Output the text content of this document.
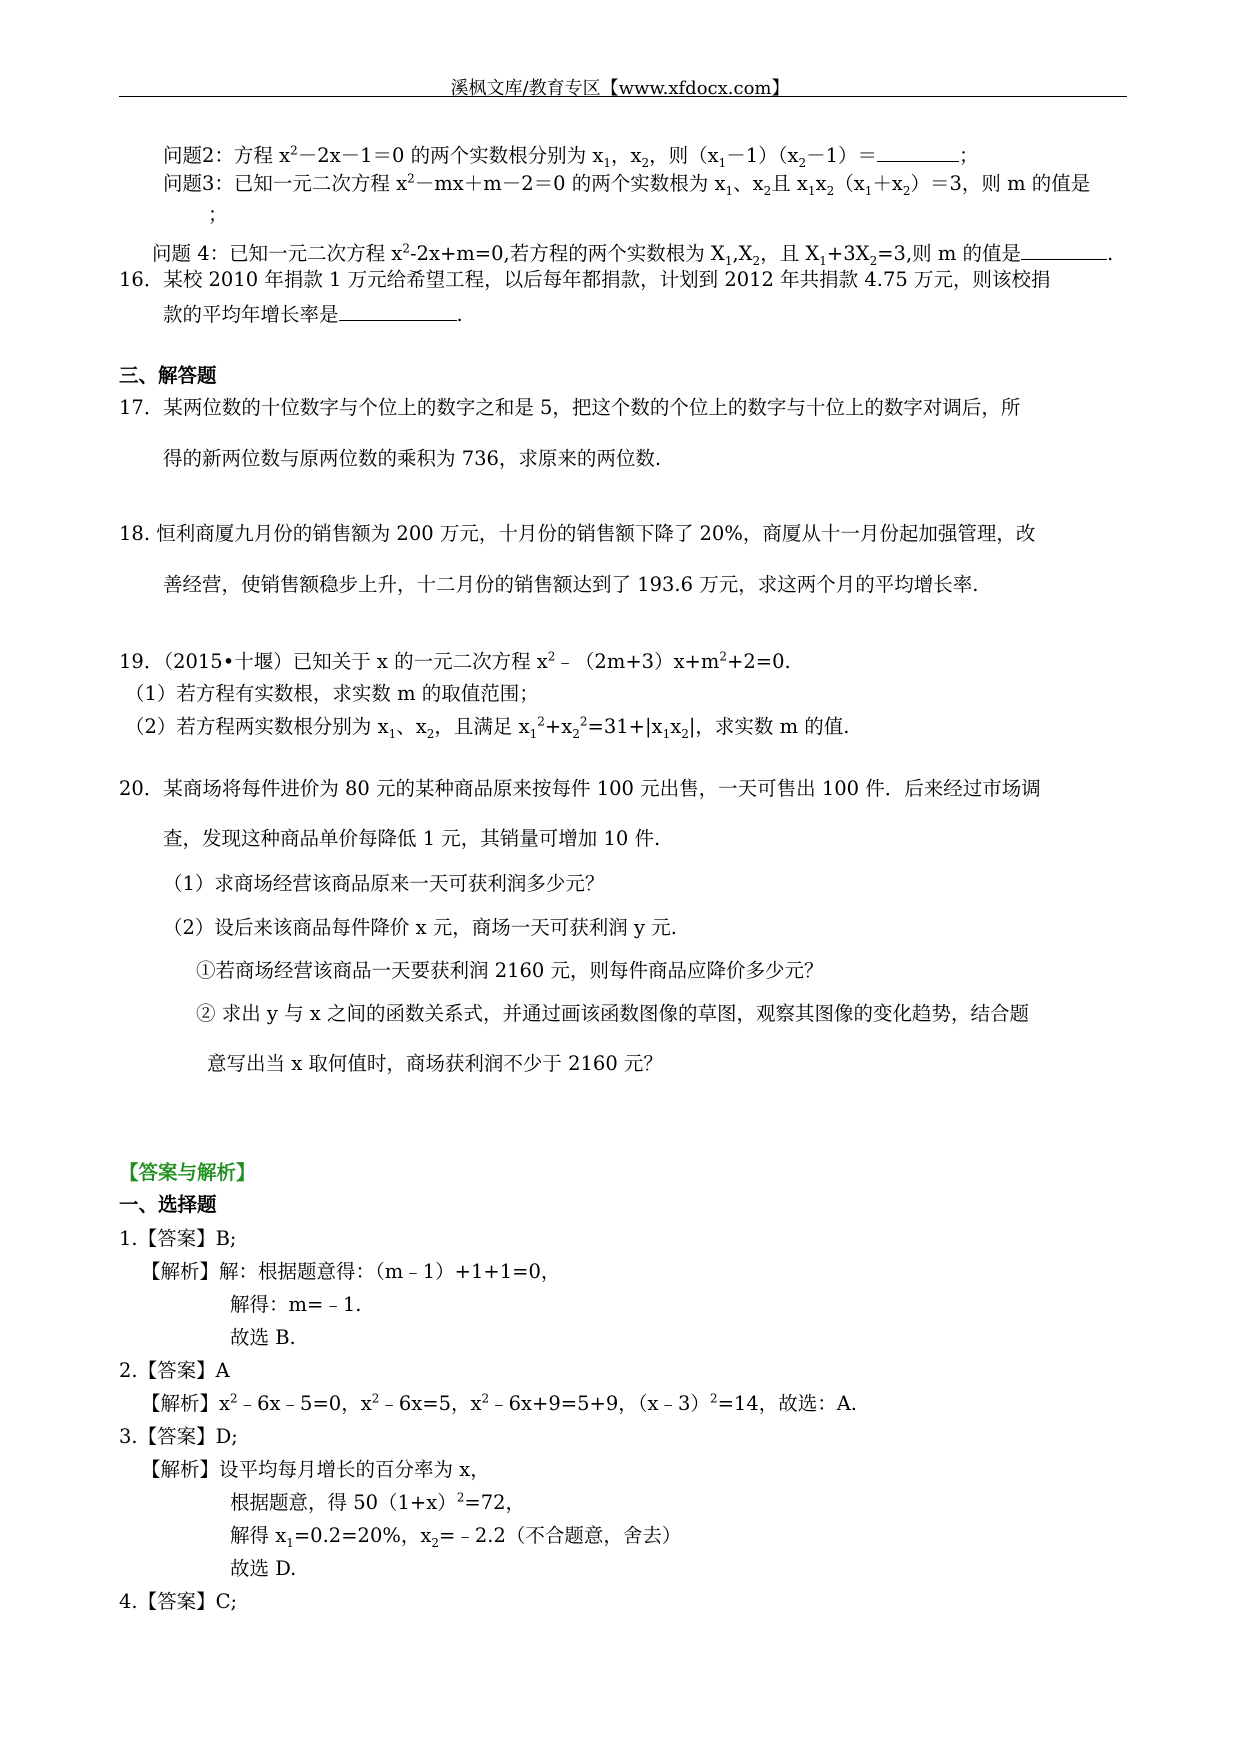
溪枫文库/教育专区【www.xfdocx.com】
问题2：方程 $x^2-2x-1=0$ 的两个实数根分别为 $x_1$，$x_2$，则$(x_1-1)(x_2-1)=$	；
问题3：已知一元二次方程 $x^2-mx+m-2=0$ 的两个实数根为 $x_1$、$x_2$且 $x_1x_2(x_1+x_2)=3$，则 m 的值是
；
问题 4：已知一元二次方程 $x^2-2x+m=0$,若方程的两个实数根为 $X_1,X_2$，且 $X_1+3X_2=3$,则 m 的值是	.
16．某校 2010 年捐款 1 万元给希望工程，以后每年都捐款，计划到 2012 年共捐款 4.75 万元，则该校捐
款的平均年增长率是	.
三、解答题
17．某两位数的十位数字与个位上的数字之和是 5，把这个数的个位上的数字与十位上的数字对调后，所
得的新两位数与原两位数的乘积为 736，求原来的两位数.
18. 恒利商厦九月份的销售额为 200 万元，十月份的销售额下降了 20%，商厦从十一月份起加强管理，改
善经营，使销售额稳步上升，十二月份的销售额达到了 193.6 万元，求这两个月的平均增长率.
19．（2015•十堰）已知关于 x 的一元二次方程 $x^2﹣(2m+3)x+m^2+2=0$.
（1）若方程有实数根，求实数 m 的取值范围；
（2）若方程两实数根分别为 $x_1$、$x_2$，且满足 $x_1^2+x_2^2=31+|x_1x_2|$，求实数 m 的值.
20．某商场将每件进价为 80 元的某种商品原来按每件 100 元出售，一天可售出 100 件．后来经过市场调
查，发现这种商品单价每降低 1 元，其销量可增加 10 件.
（1）求商场经营该商品原来一天可获利润多少元？
（2）设后来该商品每件降价 x 元，商场一天可获利润 y 元.
①若商场经营该商品一天要获利润 2160 元，则每件商品应降价多少元？
② 求出 y 与 x 之间的函数关系式，并通过画该函数图像的草图，观察其图像的变化趋势，结合题
意写出当 x 取何值时，商场获利润不少于 2160 元？
【答案与解析】
一、选择题
1.【答案】B;
【解析】解：根据题意得：（m﹣1）+1+1=0，
解得：m=﹣1.
故选 B.
2.【答案】A
【解析】$x^2﹣6x﹣5=0$，$x^2﹣6x=5$，$x^2﹣6x+9=5+9$，（x﹣3）$^2$=14，故选：A.
3.【答案】D;
【解析】设平均每月增长的百分率为 x，
根据题意，得 $50(1+x)^2=72$，
解得 $x_1=0.2=20\%$，$x_2=﹣2.2$（不合题意，舍去）
故选 D.
4.【答案】C;
